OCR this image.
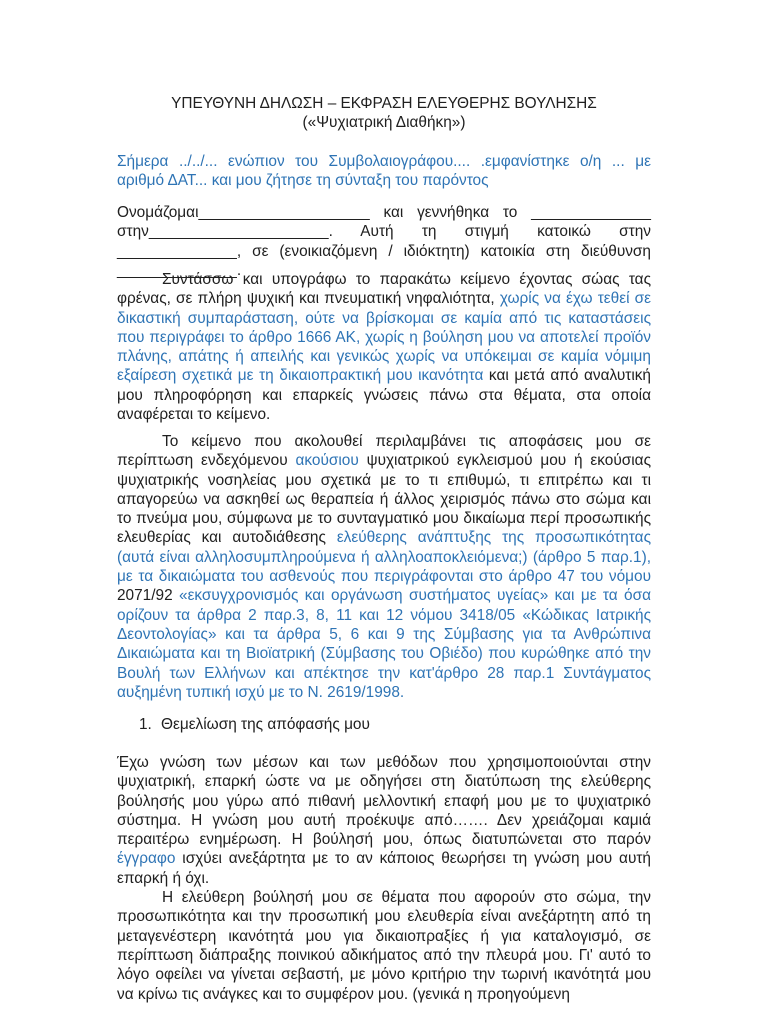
ΥΠΕΥΘΥΝΗ ΔΗΛΩΣΗ – ΕΚΦΡΑΣΗ ΕΛΕΥΘΕΡΗΣ ΒΟΥΛΗΣΗΣ
(«Ψυχιατρική Διαθήκη»)

Σήμερα ../../... ενώπιον του Συμβολαιογράφου.... .εμφανίστηκε ο/η ... με αριθμό ΔΑΤ... και μου ζήτησε τη σύνταξη του παρόντος

Ονομάζομαι____________________ και γεννήθηκα το ______________

στην_____________________. Αυτή τη στιγμή κατοικώ στην

______________, σε (ενοικιαζόμενη / ιδιόκτητη) κατοικία στη διεύθυνση

______________.

Συντάσσω και υπογράφω το παρακάτω κείμενο έχοντας σώας τας φρένας, σε πλήρη ψυχική και πνευματική νηφαλιότητα, χωρίς να έχω τεθεί σε δικαστική συμπαράσταση, ούτε να βρίσκομαι σε καμία από τις καταστάσεις που περιγράφει το άρθρο 1666 ΑΚ, χωρίς η βούληση μου να αποτελεί προϊόν πλάνης, απάτης ή απειλής και γενικώς χωρίς να υπόκειμαι σε καμία νόμιμη εξαίρεση σχετικά με τη δικαιοπρακτική μου ικανότητα και μετά από αναλυτική μου πληροφόρηση και επαρκείς γνώσεις πάνω στα θέματα, στα οποία αναφέρεται το κείμενο.

Το κείμενο που ακολουθεί περιλαμβάνει τις αποφάσεις μου σε περίπτωση ενδεχόμενου ακούσιου ψυχιατρικού εγκλεισμού μου ή εκούσιας ψυχιατρικής νοσηλείας μου σχετικά με το τι επιθυμώ, τι επιτρέπω και τι απαγορεύω να ασκηθεί ως θεραπεία ή άλλος χειρισμός πάνω στο σώμα και το πνεύμα μου, σύμφωνα με το συνταγματικό μου δικαίωμα περί προσωπικής ελευθερίας και αυτοδιάθεσης ελεύθερης ανάπτυξης της προσωπικότητας (αυτά είναι αλληλοσυμπληρούμενα ή αλληλοαποκλειόμενα;) (άρθρο 5 παρ.1), με τα δικαιώματα του ασθενούς που περιγράφονται στο άρθρο 47 του νόμου 2071/92 «εκσυγχρονισμός και οργάνωση συστήματος υγείας» και με τα όσα ορίζουν τα άρθρα 2 παρ.3, 8, 11 και 12 νόμου 3418/05 «Κώδικας Ιατρικής Δεοντολογίας» και τα άρθρα 5, 6 και 9 της Σύμβασης για τα Ανθρώπινα Δικαιώματα και τη Βιοϊατρική (Σύμβασης του Οβιέδο) που κυρώθηκε από την Βουλή των Ελλήνων και απέκτησε την κατ'άρθρο 28 παρ.1 Συντάγματος αυξημένη τυπική ισχύ με το Ν. 2619/1998.

1. Θεμελίωση της απόφασής μου

Έχω γνώση των μέσων και των μεθόδων που χρησιμοποιούνται στην ψυχιατρική, επαρκή ώστε να με οδηγήσει στη διατύπωση της ελεύθερης βούλησής μου γύρω από πιθανή μελλοντική επαφή μου με το ψυχιατρικό σύστημα. Η γνώση μου αυτή προέκυψε από……. Δεν χρειάζομαι καμιά περαιτέρω ενημέρωση. Η βούλησή μου, όπως διατυπώνεται στο παρόν έγγραφο ισχύει ανεξάρτητα με το αν κάποιος θεωρήσει τη γνώση μου αυτή επαρκή ή όχι.

Η ελεύθερη βούλησή μου σε θέματα που αφορούν στο σώμα, την προσωπικότητα και την προσωπική μου ελευθερία είναι ανεξάρτητη από τη μεταγενέστερη ικανότητά μου για δικαιοπραξίες ή για καταλογισμό, σε περίπτωση διάπραξης ποινικού αδικήματος από την πλευρά μου. Γι' αυτό το λόγο οφείλει να γίνεται σεβαστή, με μόνο κριτήριο την τωρινή ικανότητά μου να κρίνω τις ανάγκες και το συμφέρον μου. (γενικά η προηγούμενη
